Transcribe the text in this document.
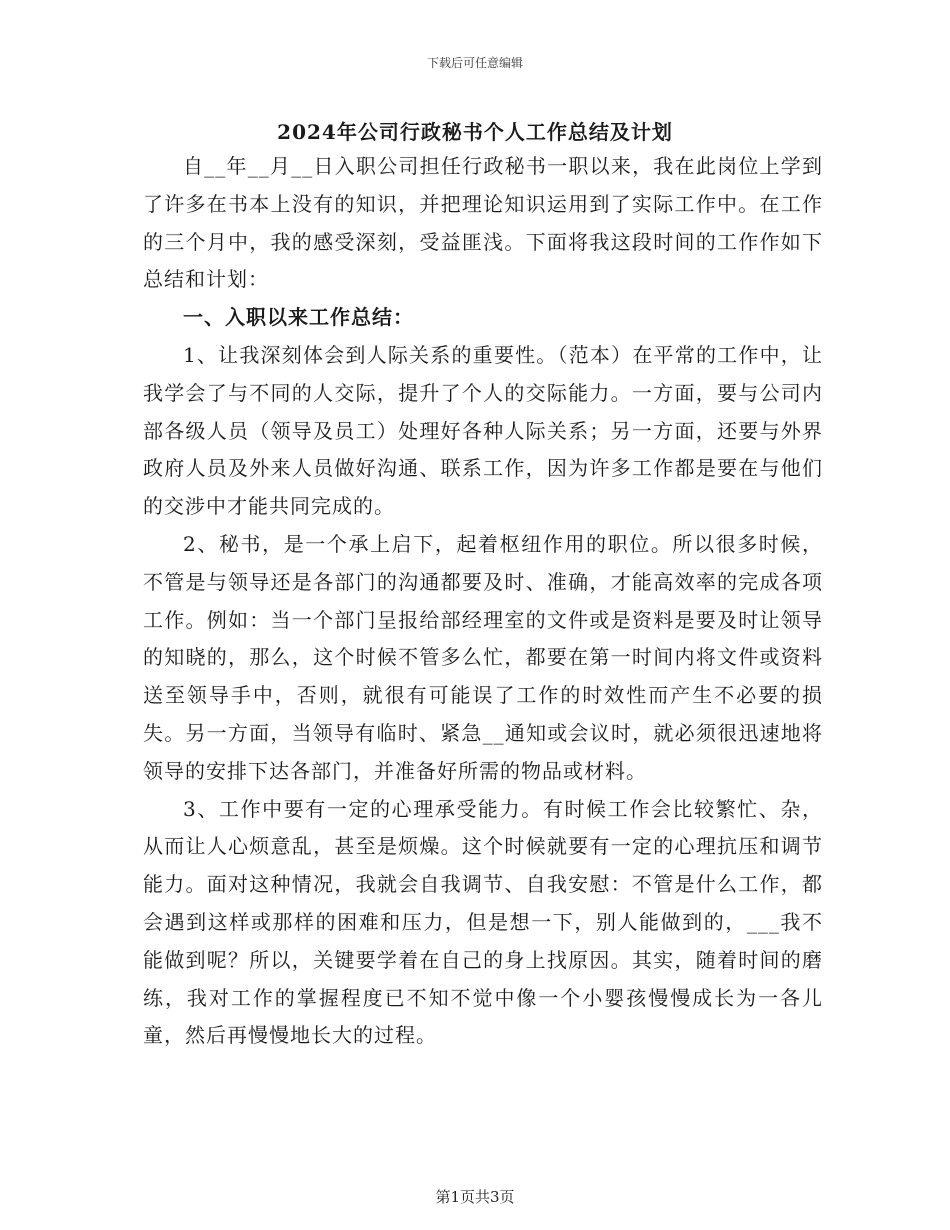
下载后可任意编辑
2024年公司行政秘书个人工作总结及计划

自__年__月__日入职公司担任行政秘书一职以来，我在此岗位上学到了许多在书本上没有的知识，并把理论知识运用到了实际工作中。在工作的三个月中，我的感受深刻，受益匪浅。下面将我这段时间的工作作如下总结和计划：

一、入职以来工作总结：

1、让我深刻体会到人际关系的重要性。（范本）在平常的工作中，让我学会了与不同的人交际，提升了个人的交际能力。一方面，要与公司内部各级人员（领导及员工）处理好各种人际关系；另一方面，还要与外界政府人员及外来人员做好沟通、联系工作，因为许多工作都是要在与他们的交涉中才能共同完成的。

2、秘书，是一个承上启下，起着枢纽作用的职位。所以很多时候，不管是与领导还是各部门的沟通都要及时、准确，才能高效率的完成各项工作。例如：当一个部门呈报给部经理室的文件或是资料是要及时让领导的知晓的，那么，这个时候不管多么忙，都要在第一时间内将文件或资料送至领导手中，否则，就很有可能误了工作的时效性而产生不必要的损失。另一方面，当领导有临时、紧急__通知或会议时，就必须很迅速地将领导的安排下达各部门，并准备好所需的物品或材料。

3、工作中要有一定的心理承受能力。有时候工作会比较繁忙、杂，从而让人心烦意乱，甚至是烦燥。这个时候就要有一定的心理抗压和调节能力。面对这种情况，我就会自我调节、自我安慰：不管是什么工作，都会遇到这样或那样的困难和压力，但是想一下，别人能做到的，___我不能做到呢？所以，关键要学着在自己的身上找原因。其实，随着时间的磨练，我对工作的掌握程度已不知不觉中像一个小婴孩慢慢成长为一各儿童，然后再慢慢地长大的过程。

第1页共3页
